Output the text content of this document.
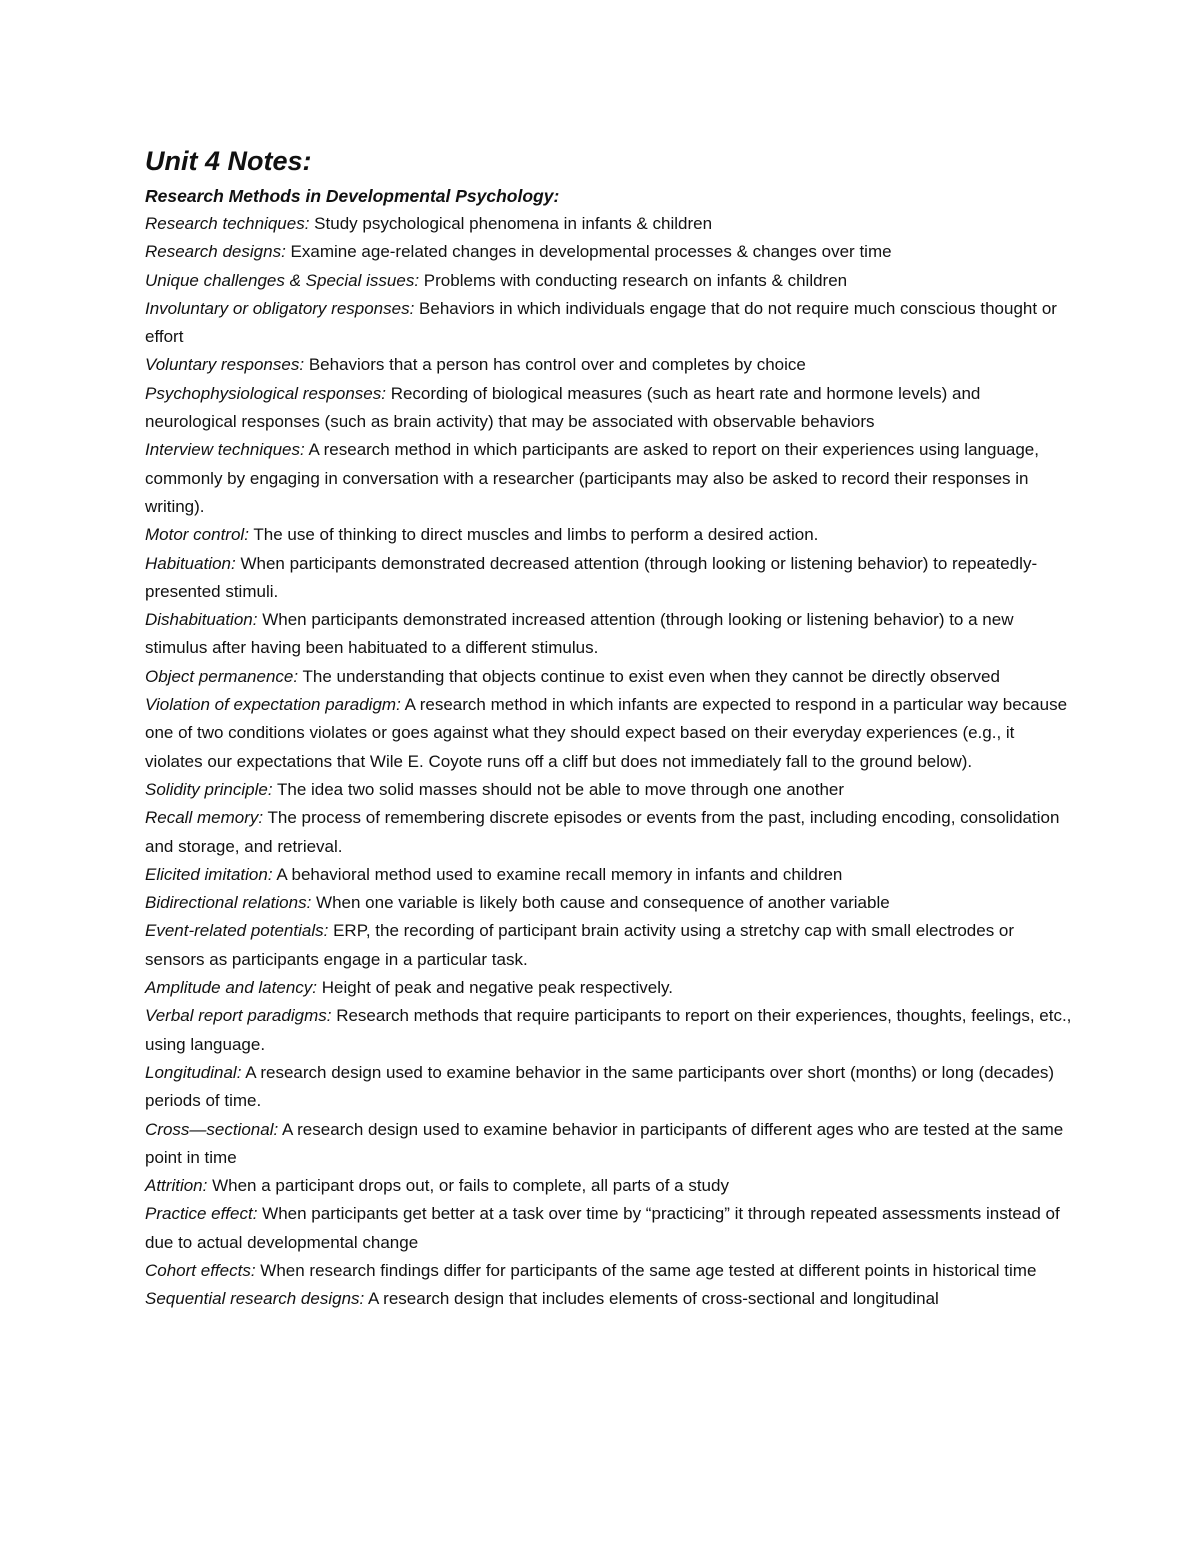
Unit 4 Notes:
Research Methods in Developmental Psychology:

Research techniques: Study psychological phenomena in infants & children

Research designs: Examine age-related changes in developmental processes & changes over time

Unique challenges & Special issues: Problems with conducting research on infants & children

Involuntary or obligatory responses: Behaviors in which individuals engage that do not require much conscious thought or effort

Voluntary responses: Behaviors that a person has control over and completes by choice

Psychophysiological responses: Recording of biological measures (such as heart rate and hormone levels) and neurological responses (such as brain activity) that may be associated with observable behaviors

Interview techniques: A research method in which participants are asked to report on their experiences using language, commonly by engaging in conversation with a researcher (participants may also be asked to record their responses in writing).

Motor control: The use of thinking to direct muscles and limbs to perform a desired action.

Habituation: When participants demonstrated decreased attention (through looking or listening behavior) to repeatedly-presented stimuli.

Dishabituation: When participants demonstrated increased attention (through looking or listening behavior) to a new stimulus after having been habituated to a different stimulus.

Object permanence: The understanding that objects continue to exist even when they cannot be directly observed

Violation of expectation paradigm: A research method in which infants are expected to respond in a particular way because one of two conditions violates or goes against what they should expect based on their everyday experiences (e.g., it violates our expectations that Wile E. Coyote runs off a cliff but does not immediately fall to the ground below).

Solidity principle: The idea two solid masses should not be able to move through one another

Recall memory: The process of remembering discrete episodes or events from the past, including encoding, consolidation and storage, and retrieval.

Elicited imitation: A behavioral method used to examine recall memory in infants and children

Bidirectional relations: When one variable is likely both cause and consequence of another variable

Event-related potentials: ERP, the recording of participant brain activity using a stretchy cap with small electrodes or sensors as participants engage in a particular task.

Amplitude and latency: Height of peak and negative peak respectively.

Verbal report paradigms: Research methods that require participants to report on their experiences, thoughts, feelings, etc., using language.

Longitudinal: A research design used to examine behavior in the same participants over short (months) or long (decades) periods of time.

Cross—sectional: A research design used to examine behavior in participants of different ages who are tested at the same point in time

Attrition: When a participant drops out, or fails to complete, all parts of a study

Practice effect: When participants get better at a task over time by “practicing” it through repeated assessments instead of due to actual developmental change

Cohort effects: When research findings differ for participants of the same age tested at different points in historical time

Sequential research designs: A research design that includes elements of cross-sectional and longitudinal
